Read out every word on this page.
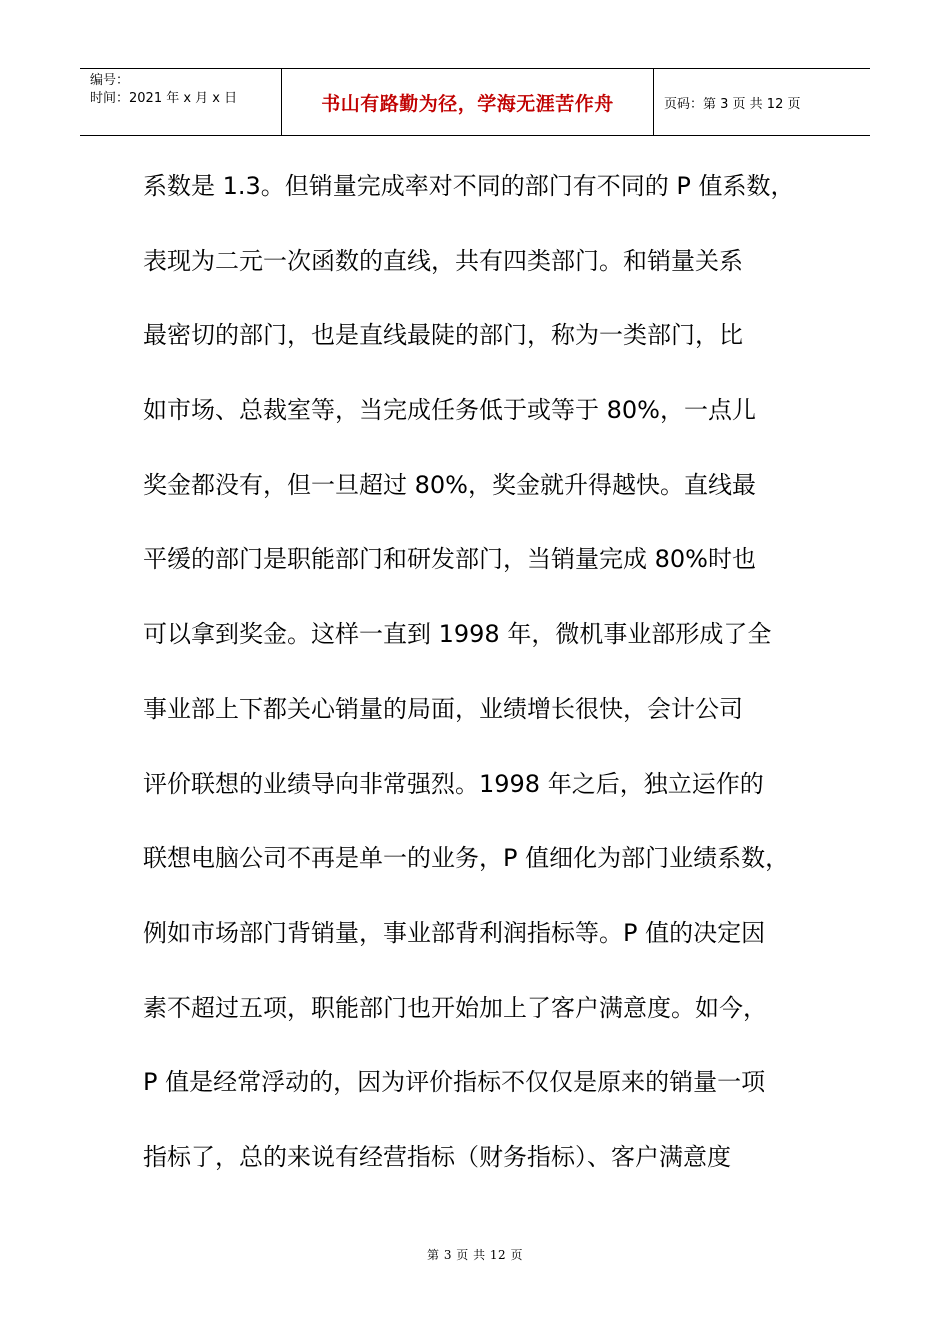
编号：
时间：2021 年 x 月 x 日	书山有路勤为径，学海无涯苦作舟	页码：第 3 页 共 12 页
系数是 1.3。但销量完成率对不同的部门有不同的 P 值系数，
表现为二元一次函数的直线，共有四类部门。和销量关系
最密切的部门，也是直线最陡的部门，称为一类部门，比
如市场、总裁室等，当完成任务低于或等于 80%，一点儿
奖金都没有，但一旦超过 80%，奖金就升得越快。直线最
平缓的部门是职能部门和研发部门，当销量完成 80%时也
可以拿到奖金。这样一直到 1998 年，微机事业部形成了全
事业部上下都关心销量的局面，业绩增长很快，会计公司
评价联想的业绩导向非常强烈。1998 年之后，独立运作的
联想电脑公司不再是单一的业务，P 值细化为部门业绩系数，
例如市场部门背销量，事业部背利润指标等。P 值的决定因
素不超过五项，职能部门也开始加上了客户满意度。如今，
P 值是经常浮动的，因为评价指标不仅仅是原来的销量一项
指标了，总的来说有经营指标（财务指标）、客户满意度
第 3 页 共 12 页
